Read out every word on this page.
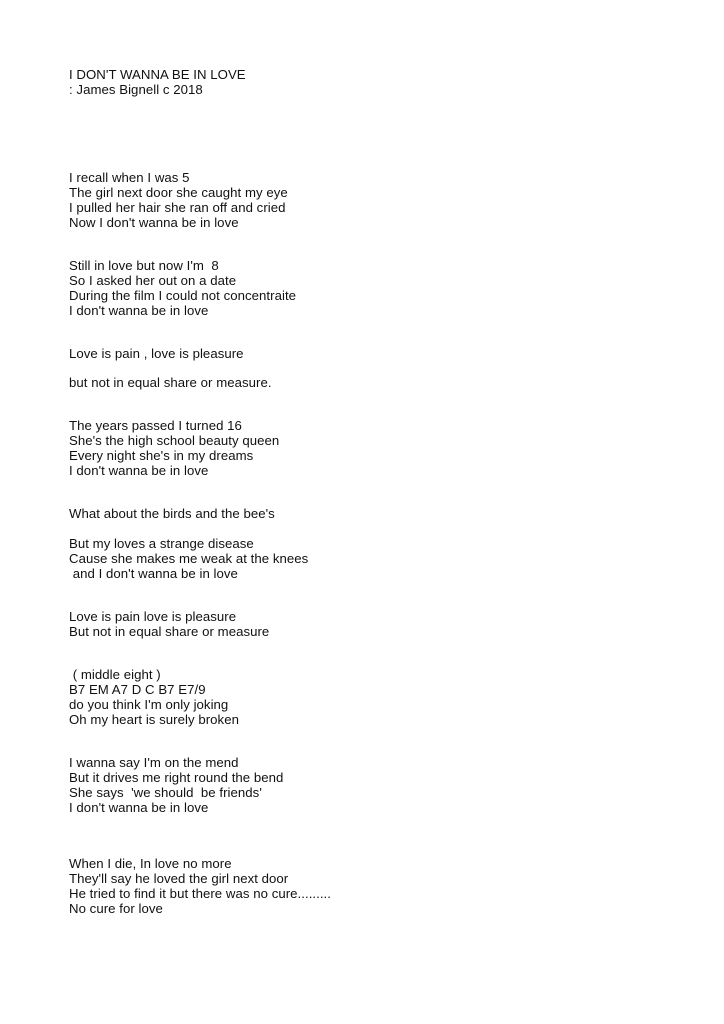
I DON'T WANNA BE IN LOVE
: James Bignell c 2018
I recall when I was 5
The girl next door she caught my eye
I pulled her hair she ran off and cried
Now I don't wanna be in love
Still in love but now I'm  8
So I asked her out on a date
During the film I could not concentraite
I don't wanna be in love
Love is pain , love is pleasure
but not in equal share or measure.
The years passed I turned 16
She's the high school beauty queen
Every night she's in my dreams
I don't wanna be in love
What about the birds and the bee's
But my loves a strange disease
Cause she makes me weak at the knees
and I don't wanna be in love
Love is pain love is pleasure
But not in equal share or measure
( middle eight )
B7 EM A7 D C B7 E7/9
do you think I'm only joking
Oh my heart is surely broken
I wanna say I'm on the mend
But it drives me right round the bend
She says  'we should  be friends'
I don't wanna be in love
When I die, In love no more
They'll say he loved the girl next door
He tried to find it but there was no cure.........
No cure for love
